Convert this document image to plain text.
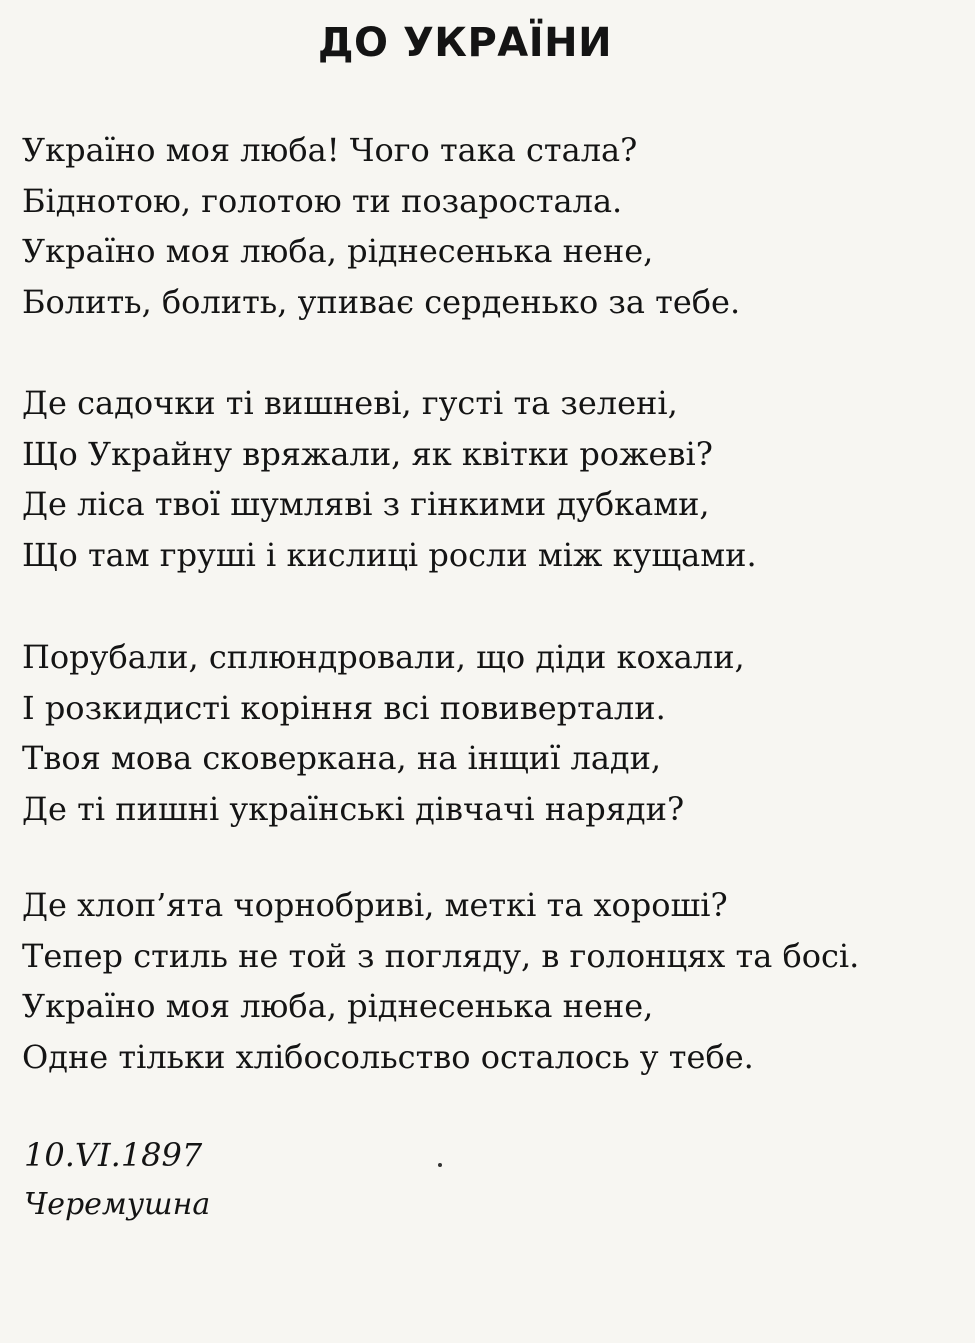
ДО УКРАЇНИ
Україно моя люба! Чого така стала?
Біднотою, голотою ти позаростала.
Україно моя люба, ріднесенька нене,
Болить, болить, упиває серденько за тебе.
Де садочки ті вишневі, густі та зелені,
Що Украйну вряжали, як квітки рожеві?
Де ліса твої шумляві з гінкими дубками,
Що там груші і кислиці росли між кущами.
Порубали, сплюндровали, що діди кохали,
І розкидисті коріння всі повивертали.
Твоя мова сковеркана, на інщиї лади,
Де ті пишні українські дівчачі наряди?
Де хлоп’ята чорнобриві, меткі та хороші?
Тепер стиль не той з погляду, в голонцях та босі.
Україно моя люба, ріднесенька нене,
Одне тільки хлібосольство осталось у тебе.
10.VI.1897
Черемушна
